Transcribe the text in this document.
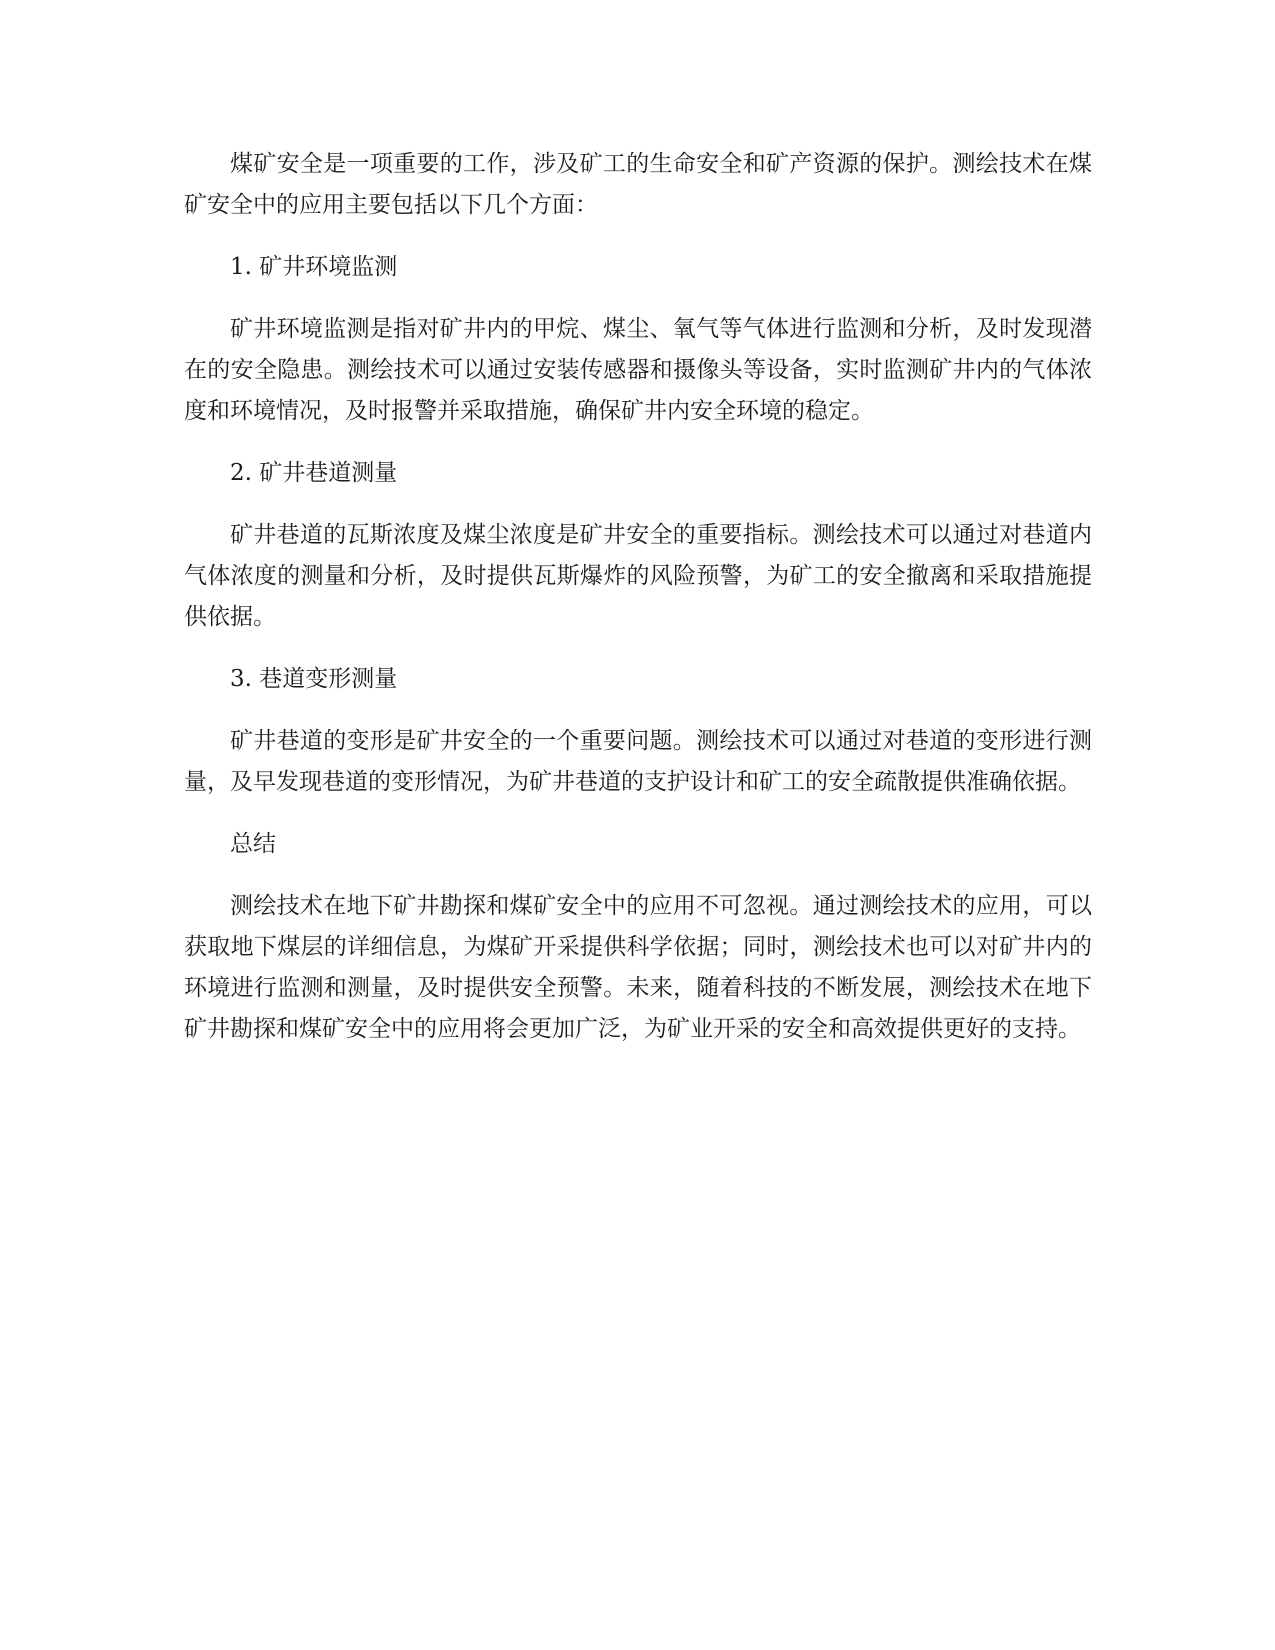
煤矿安全是一项重要的工作，涉及矿工的生命安全和矿产资源的保护。测绘技术在煤矿安全中的应用主要包括以下几个方面：

1. 矿井环境监测

矿井环境监测是指对矿井内的甲烷、煤尘、氧气等气体进行监测和分析，及时发现潜在的安全隐患。测绘技术可以通过安装传感器和摄像头等设备，实时监测矿井内的气体浓度和环境情况，及时报警并采取措施，确保矿井内安全环境的稳定。

2. 矿井巷道测量

矿井巷道的瓦斯浓度及煤尘浓度是矿井安全的重要指标。测绘技术可以通过对巷道内气体浓度的测量和分析，及时提供瓦斯爆炸的风险预警，为矿工的安全撤离和采取措施提供依据。

3. 巷道变形测量

矿井巷道的变形是矿井安全的一个重要问题。测绘技术可以通过对巷道的变形进行测量，及早发现巷道的变形情况，为矿井巷道的支护设计和矿工的安全疏散提供准确依据。

总结

测绘技术在地下矿井勘探和煤矿安全中的应用不可忽视。通过测绘技术的应用，可以获取地下煤层的详细信息，为煤矿开采提供科学依据；同时，测绘技术也可以对矿井内的环境进行监测和测量，及时提供安全预警。未来，随着科技的不断发展，测绘技术在地下矿井勘探和煤矿安全中的应用将会更加广泛，为矿业开采的安全和高效提供更好的支持。
